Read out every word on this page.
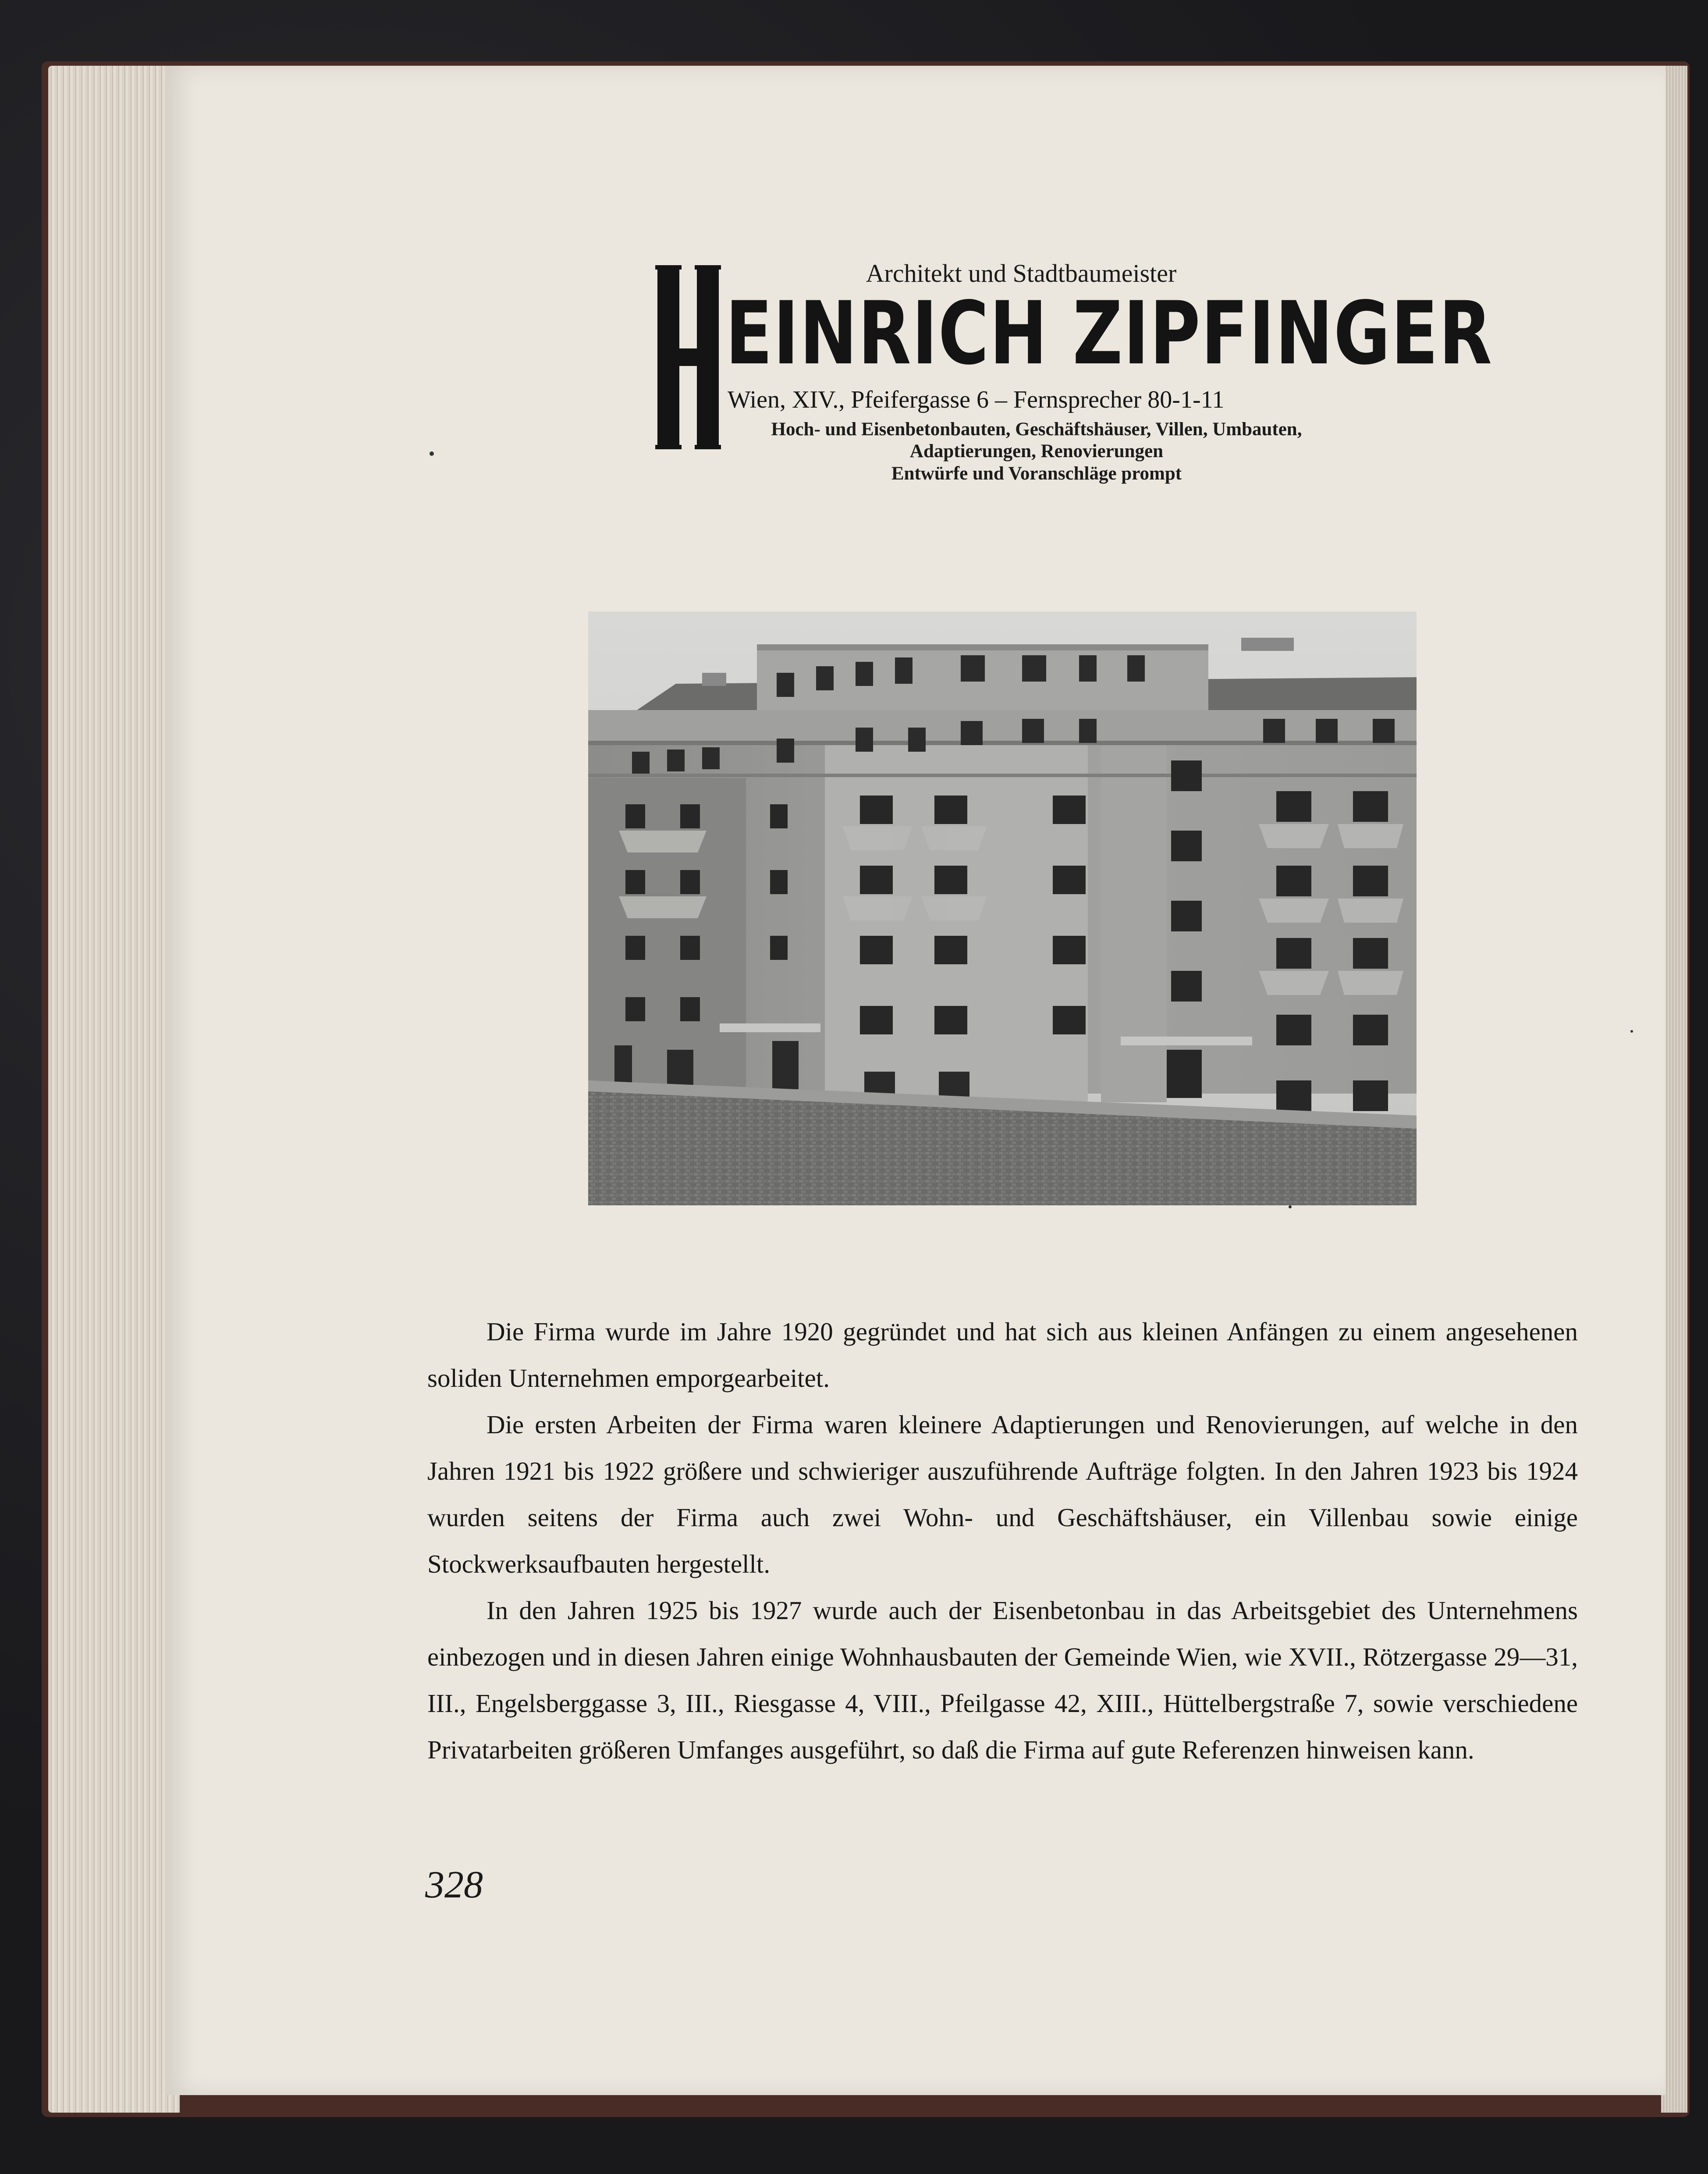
Architekt und Stadtbaumeister
EINRICH ZIPFINGER
Wien, XIV., Pfeifergasse 6 – Fernsprecher 80-1-11
Hoch- und Eisenbetonbauten, Geschäftshäuser, Villen, Umbauten,
Adaptierungen, Renovierungen
Entwürfe und Voranschläge prompt

Die Firma wurde im Jahre 1920 gegründet und hat sich aus kleinen Anfängen zu einem angesehenen soliden Unternehmen emporgearbeitet.

Die ersten Arbeiten der Firma waren kleinere Adaptierungen und Renovierungen, auf welche in den Jahren 1921 bis 1922 größere und schwieriger auszuführende Aufträge folgten. In den Jahren 1923 bis 1924 wurden seitens der Firma auch zwei Wohn- und Geschäftshäuser, ein Villenbau sowie einige Stockwerksaufbauten hergestellt.

In den Jahren 1925 bis 1927 wurde auch der Eisenbetonbau in das Arbeitsgebiet des Unternehmens einbezogen und in diesen Jahren einige Wohnhausbauten der Gemeinde Wien, wie XVII., Rötzergasse 29—31, III., Engelsberggasse 3, III., Riesgasse 4, VIII., Pfeilgasse 42, XIII., Hüttelbergstraße 7, sowie verschiedene Privatarbeiten größeren Umfanges ausgeführt, so daß die Firma auf gute Referenzen hinweisen kann.

328
